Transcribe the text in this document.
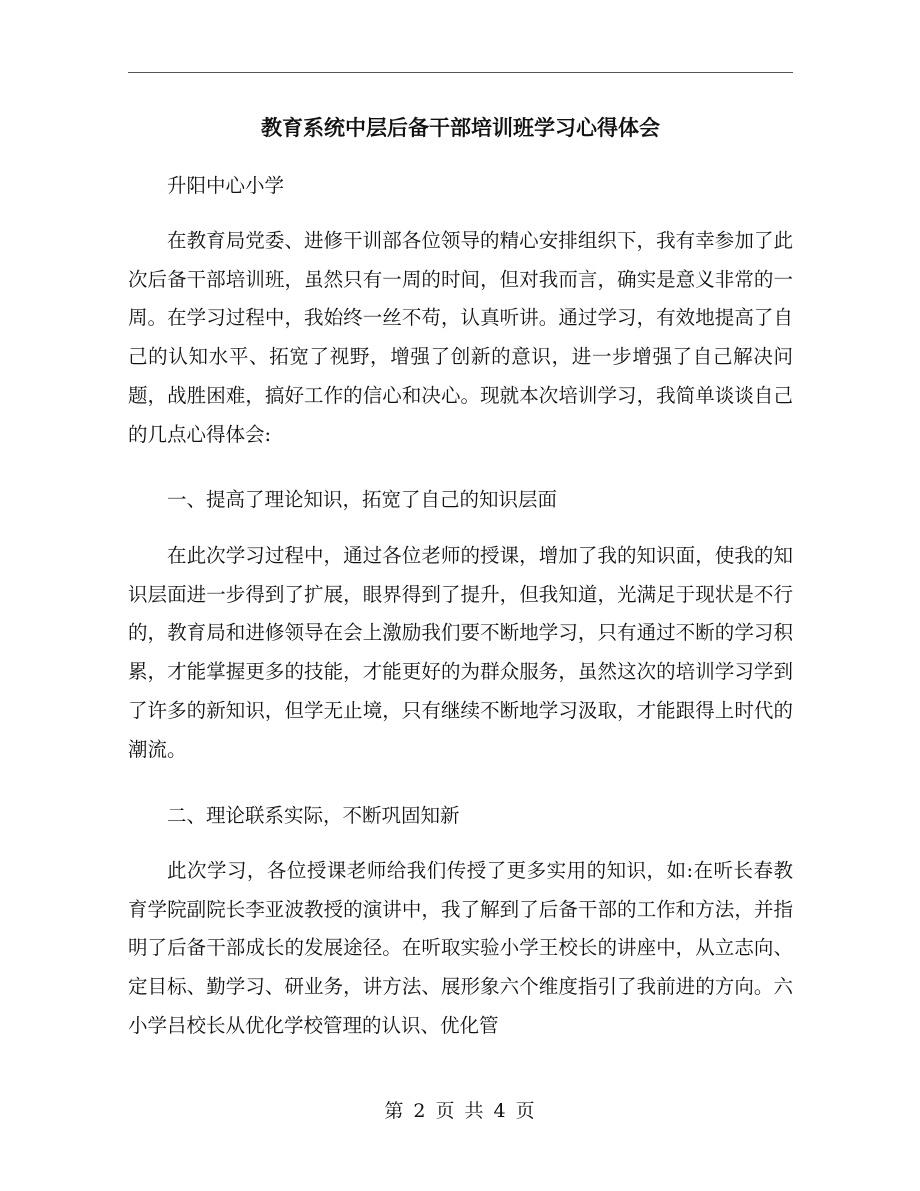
教育系统中层后备干部培训班学习心得体会

升阳中心小学

在教育局党委、进修干训部各位领导的精心安排组织下，我有幸参加了此次后备干部培训班，虽然只有一周的时间，但对我而言，确实是意义非常的一周。在学习过程中，我始终一丝不苟，认真听讲。通过学习，有效地提高了自己的认知水平、拓宽了视野，增强了创新的意识，进一步增强了自己解决问题，战胜困难，搞好工作的信心和决心。现就本次培训学习，我简单谈谈自己的几点心得体会:

一、提高了理论知识，拓宽了自己的知识层面

在此次学习过程中，通过各位老师的授课，增加了我的知识面，使我的知识层面进一步得到了扩展，眼界得到了提升，但我知道，光满足于现状是不行的，教育局和进修领导在会上激励我们要不断地学习，只有通过不断的学习积累，才能掌握更多的技能，才能更好的为群众服务，虽然这次的培训学习学到了许多的新知识，但学无止境，只有继续不断地学习汲取，才能跟得上时代的潮流。

二、理论联系实际，不断巩固知新

此次学习，各位授课老师给我们传授了更多实用的知识，如:在听长春教育学院副院长李亚波教授的演讲中，我了解到了后备干部的工作和方法，并指明了后备干部成长的发展途径。在听取实验小学王校长的讲座中，从立志向、定目标、勤学习、研业务，讲方法、展形象六个维度指引了我前进的方向。六小学吕校长从优化学校管理的认识、优化管

第 2 页 共 4 页
